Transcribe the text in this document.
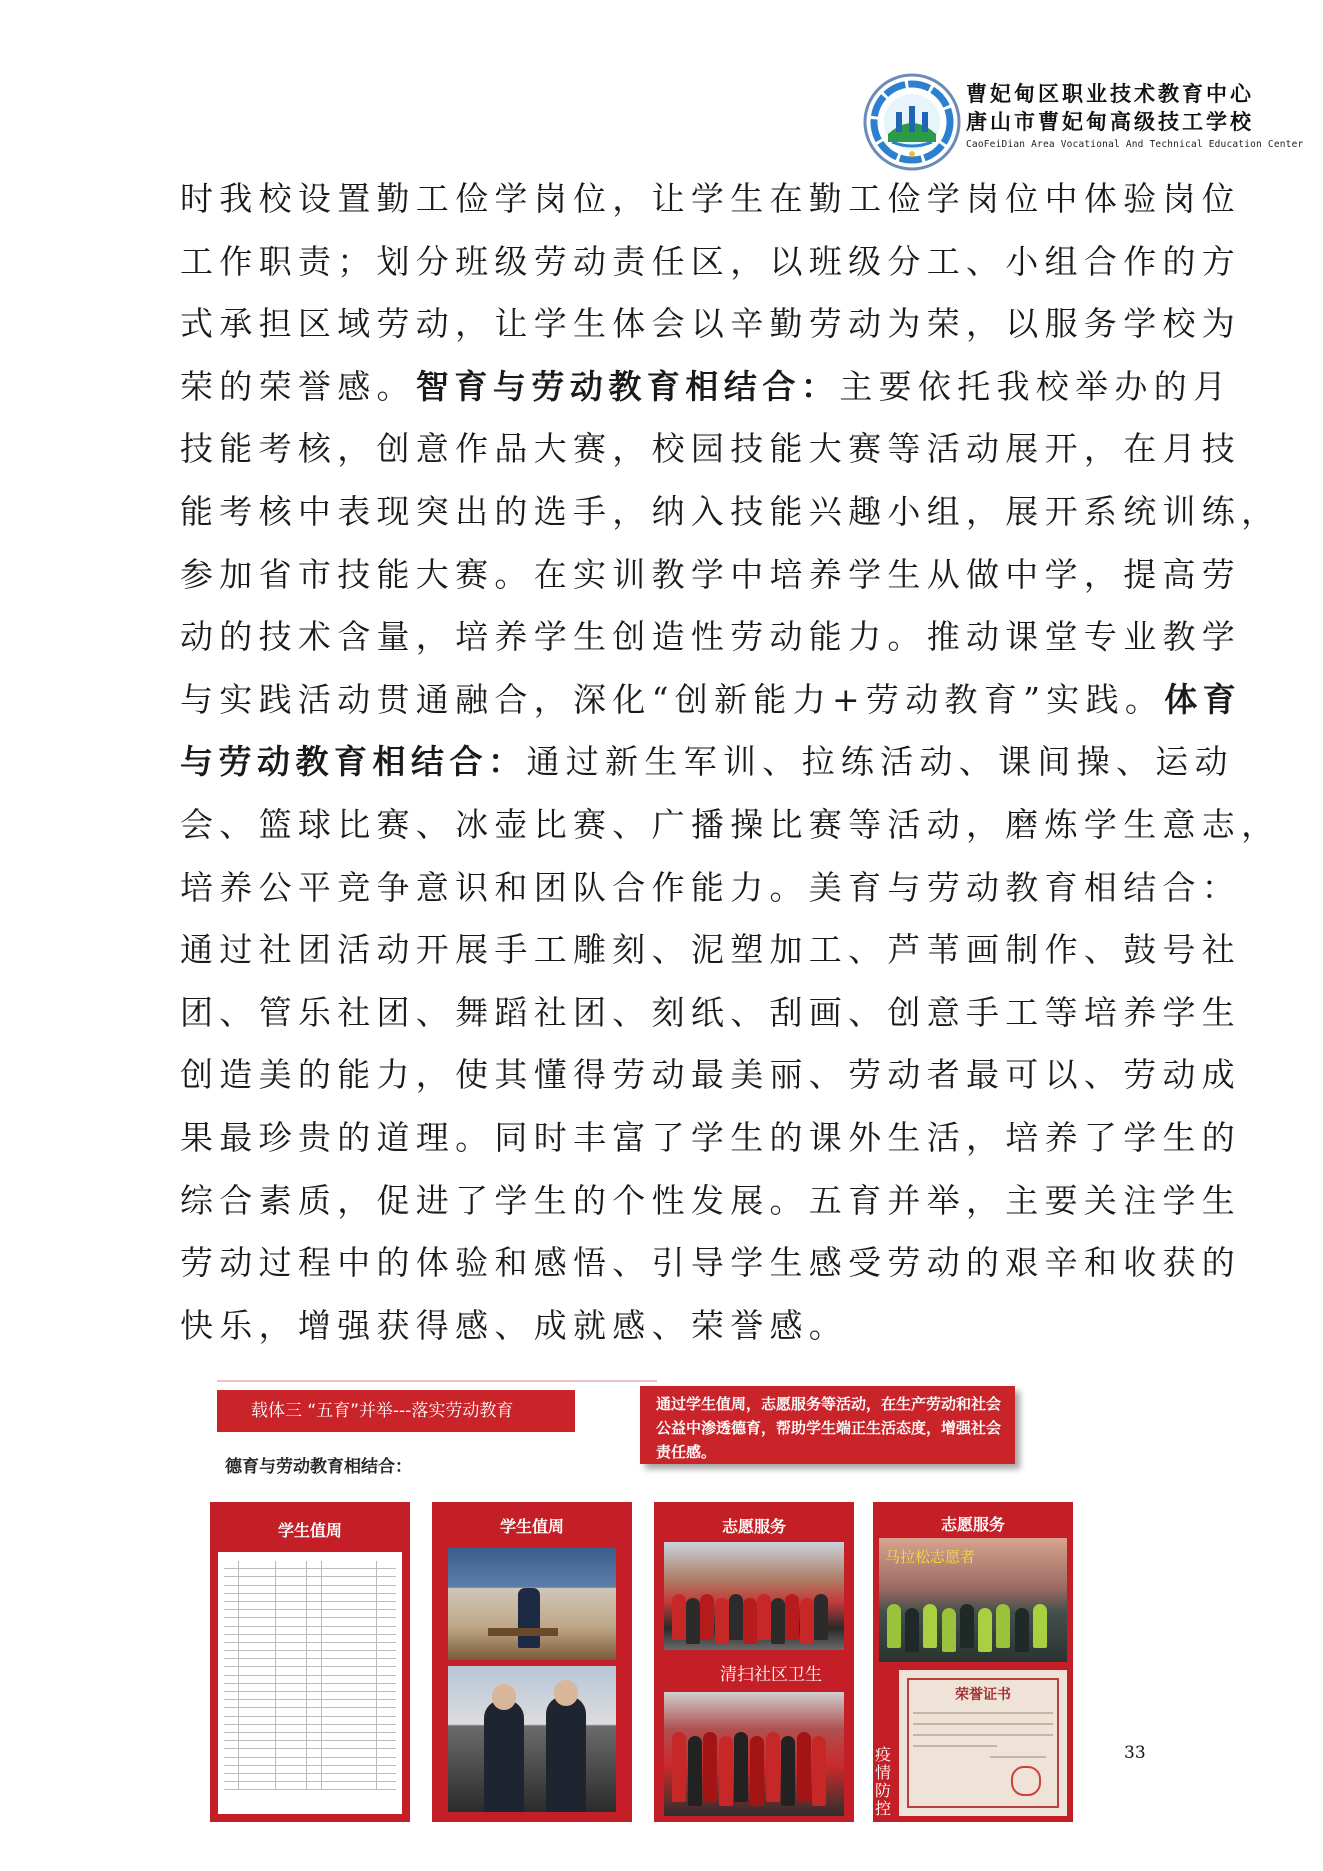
曹妃甸区职业技术教育中心
唐山市曹妃甸高级技工学校
CaoFeiDian Area Vocational And Technical Education Center
时我校设置勤工俭学岗位，让学生在勤工俭学岗位中体验岗位
工作职责；划分班级劳动责任区，以班级分工、小组合作的方
式承担区域劳动，让学生体会以辛勤劳动为荣，以服务学校为
荣的荣誉感。智育与劳动教育相结合：主要依托我校举办的月
技能考核，创意作品大赛，校园技能大赛等活动展开，在月技
能考核中表现突出的选手，纳入技能兴趣小组，展开系统训练，
参加省市技能大赛。在实训教学中培养学生从做中学，提高劳
动的技术含量，培养学生创造性劳动能力。推动课堂专业教学
与实践活动贯通融合，深化“创新能力+劳动教育”实践。体育
与劳动教育相结合：通过新生军训、拉练活动、课间操、运动
会、篮球比赛、冰壶比赛、广播操比赛等活动，磨炼学生意志，
培养公平竞争意识和团队合作能力。美育与劳动教育相结合：
通过社团活动开展手工雕刻、泥塑加工、芦苇画制作、鼓号社
团、管乐社团、舞蹈社团、刻纸、刮画、创意手工等培养学生
创造美的能力，使其懂得劳动最美丽、劳动者最可以、劳动成
果最珍贵的道理。同时丰富了学生的课外生活，培养了学生的
综合素质，促进了学生的个性发展。五育并举，主要关注学生
劳动过程中的体验和感悟、引导学生感受劳动的艰辛和收获的
快乐，增强获得感、成就感、荣誉感。
载体三 “五育”并举---落实劳动教育
德育与劳动教育相结合：
通过学生值周，志愿服务等活动，在生产劳动和社会公益中渗透德育，帮助学生端正生活态度，增强社会责任感。
学生值周
	学生值周	志愿服务
清扫社区卫生
志愿服务
马拉松志愿者
疫情防控
荣誉证书
33
